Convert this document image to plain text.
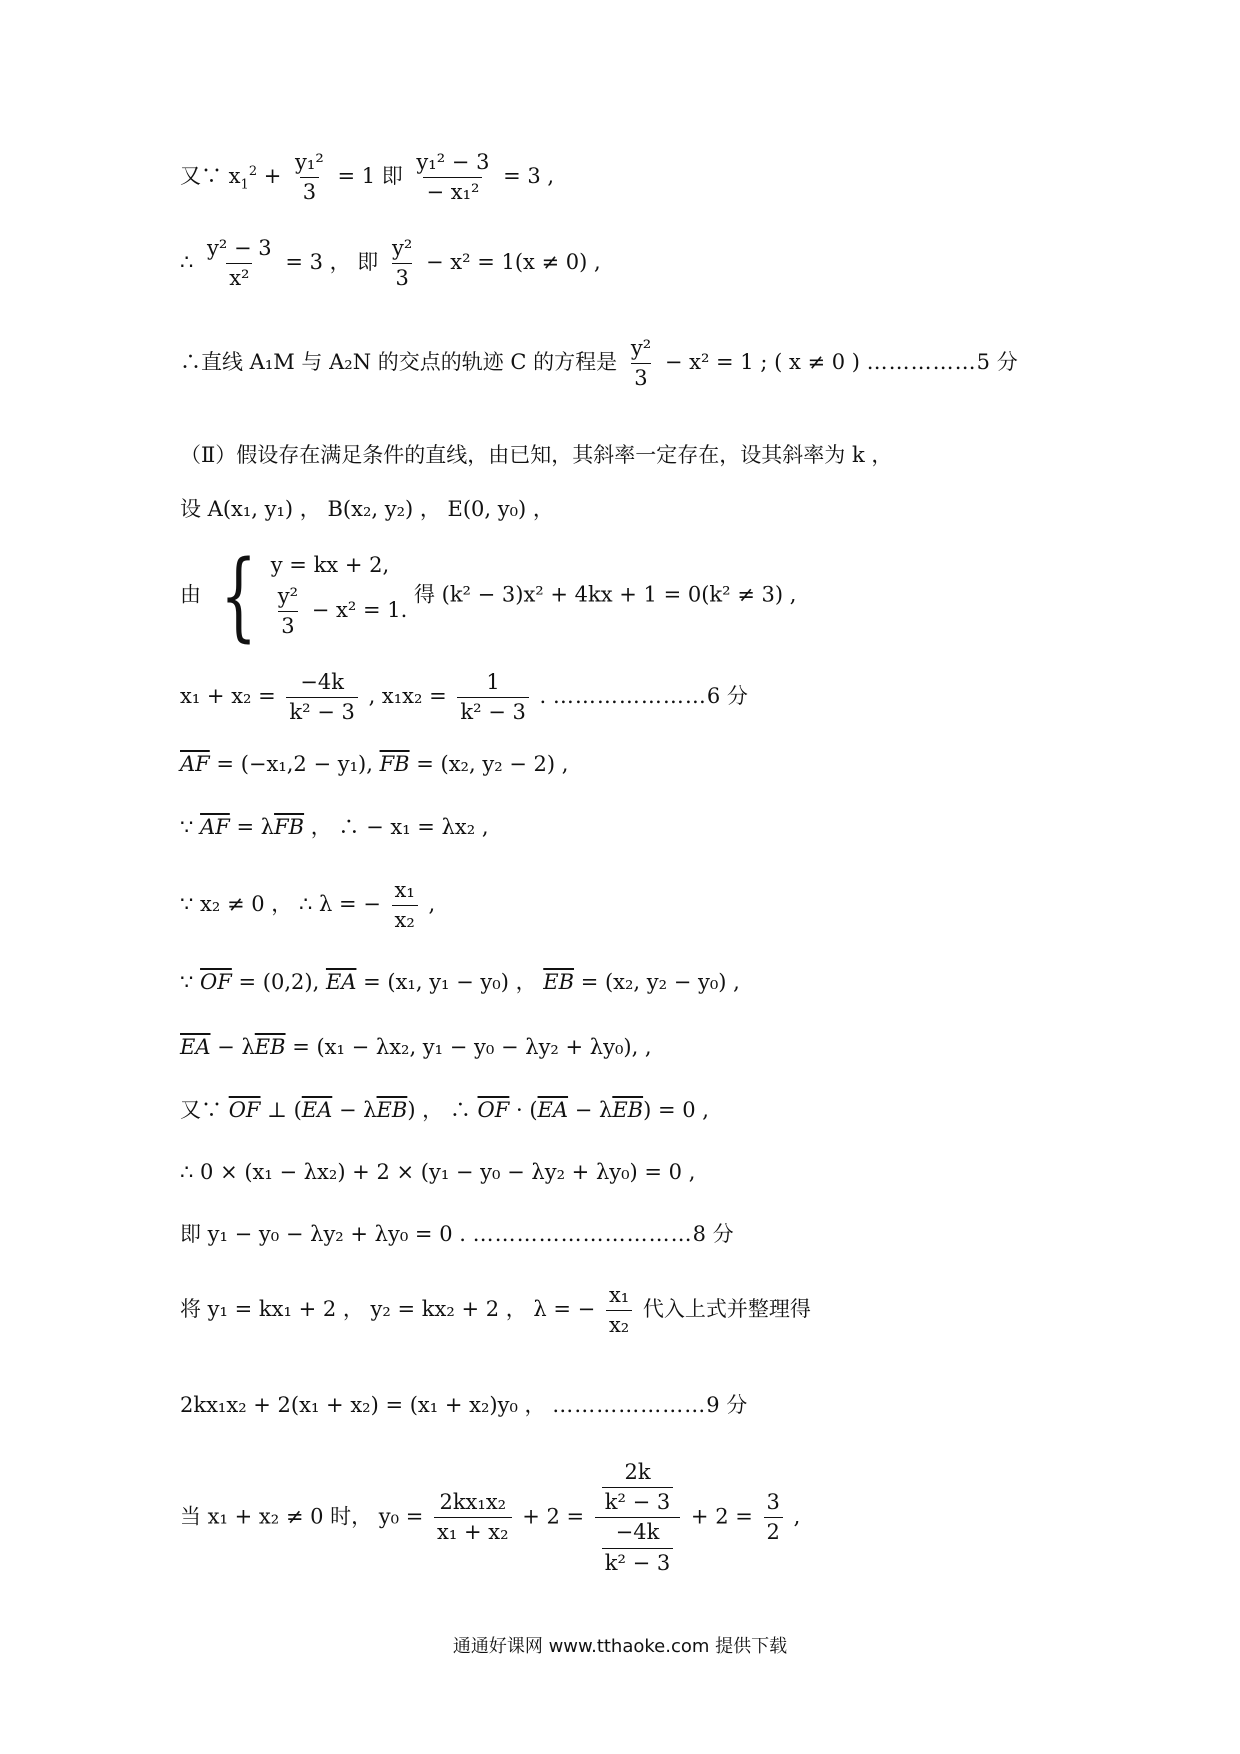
又∵ $x_1^2 + \frac{\text{y₁²}}{3} = 1$ 即 $\frac{\text{y₁² − 3}}{\text{− x₁²}} = 3$ ,
∴ $\frac{\text{y² − 3}}{\text{x²}} = 3$ ， 即 $\frac{\text{y²}}{3} - x^2 = 1(x \ne 0)$ ,
∴直线 A₁M 与 A₂N 的交点的轨迹 C 的方程是 $\frac{\text{y²}}{3} - x^2 = 1$ ; ( x ≠ 0 ) ……………5 分
（Ⅱ）假设存在满足条件的直线，由已知，其斜率一定存在，设其斜率为 k ，
设 A(x₁, y₁) ， B(x₂, y₂) ， E(0, y₀) ，
由 { y = kx + 2,
$\frac{\text{y²}}{3} - x^2 = 1$.
得 (k² − 3)x² + 4kx + 1 = 0(k² ≠ 3) ,
$x_1 + x_2 = \frac{-4k}{\text{k² − 3}}$ , $x_1x_2 = \frac{1}{\text{k² − 3}}$ . …………………6 分
$\overline{AF} = (-x_1,2 - y_1)$, $\overline{FB} = (x_2$, y₂ − 2) ,
∵ $\overline{AF} = \lambda\overline{FB}$ ， ∴ − x₁ = λx₂ ,
∵ x₂ ≠ 0 ， ∴ λ = − $\frac{\text{x₁}}{\text{x₂}}$ ,
∵ $\overline{OF} = (0,2)$, $\overline{EA} = (x_1$, y₁ − y₀) ， $\overline{EB} = (x_2$, y₂ − y₀) ,
$\overline{EA} - \lambda\overline{EB} = (x_1 - \lambda x_2$, y₁ − y₀ − λy₂ + λy₀), ,
又∵ $\overline{OF}$ ⊥ $(\overline{EA} - \lambda\overline{EB})$ ， ∴ $\overline{OF} \cdot (\overline{EA} - \lambda\overline{EB}) = 0$ ,
∴ 0 × (x₁ − λx₂) + 2 × (y₁ − y₀ − λy₂ + λy₀) = 0 ,
即 y₁ − y₀ − λy₂ + λy₀ = 0 . …………………………8 分
将 y₁ = kx₁ + 2 ， y₂ = kx₂ + 2 ， λ = − $\frac{\text{x₁}}{\text{x₂}}$ 代入上式并整理得
2kx₁x₂ + 2(x₁ + x₂) = (x₁ + x₂)y₀ ， …………………9 分
当 x₁ + x₂ ≠ 0 时， $y_0 = \frac{\text{2kx₁x₂}}{\text{x₁ + x₂}} + 2 = \frac{\frac{2k}{\text{k² − 3}}}{\frac{-4k}{\text{k² − 3}}} + 2 = \frac{3}{2}$ ,
通通好课网 www.tthaoke.com 提供下载
